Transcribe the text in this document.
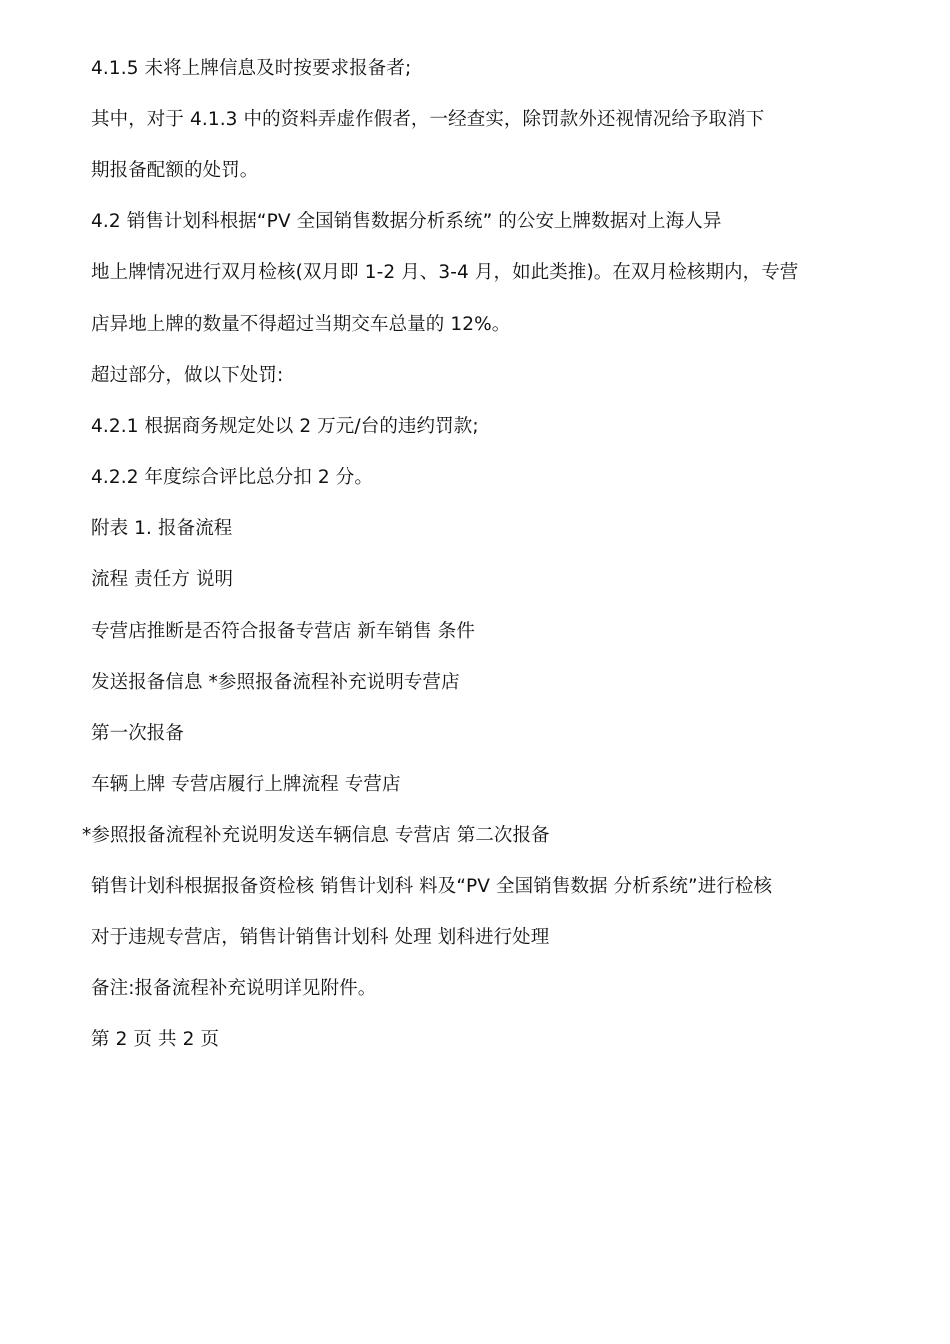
4.1.5 未将上牌信息及时按要求报备者;
其中，对于 4.1.3 中的资料弄虚作假者，一经查实，除罚款外还视情况给予取消下
期报备配额的处罚。
4.2 销售计划科根据“PV 全国销售数据分析系统” 的公安上牌数据对上海人异
地上牌情况进行双月检核(双月即 1-2 月、3-4 月，如此类推)。在双月检核期内，专营
店异地上牌的数量不得超过当期交车总量的 12%。
超过部分，做以下处罚:
4.2.1 根据商务规定处以 2 万元/台的违约罚款;
4.2.2 年度综合评比总分扣 2 分。
附表 1. 报备流程
流程 责任方 说明
专营店推断是否符合报备专营店 新车销售 条件
发送报备信息 *参照报备流程补充说明专营店
第一次报备
车辆上牌 专营店履行上牌流程 专营店
*参照报备流程补充说明发送车辆信息 专营店 第二次报备
销售计划科根据报备资检核 销售计划科 料及“PV 全国销售数据 分析系统”进行检核
对于违规专营店，销售计销售计划科 处理 划科进行处理
备注:报备流程补充说明详见附件。
第 2 页 共 2 页
